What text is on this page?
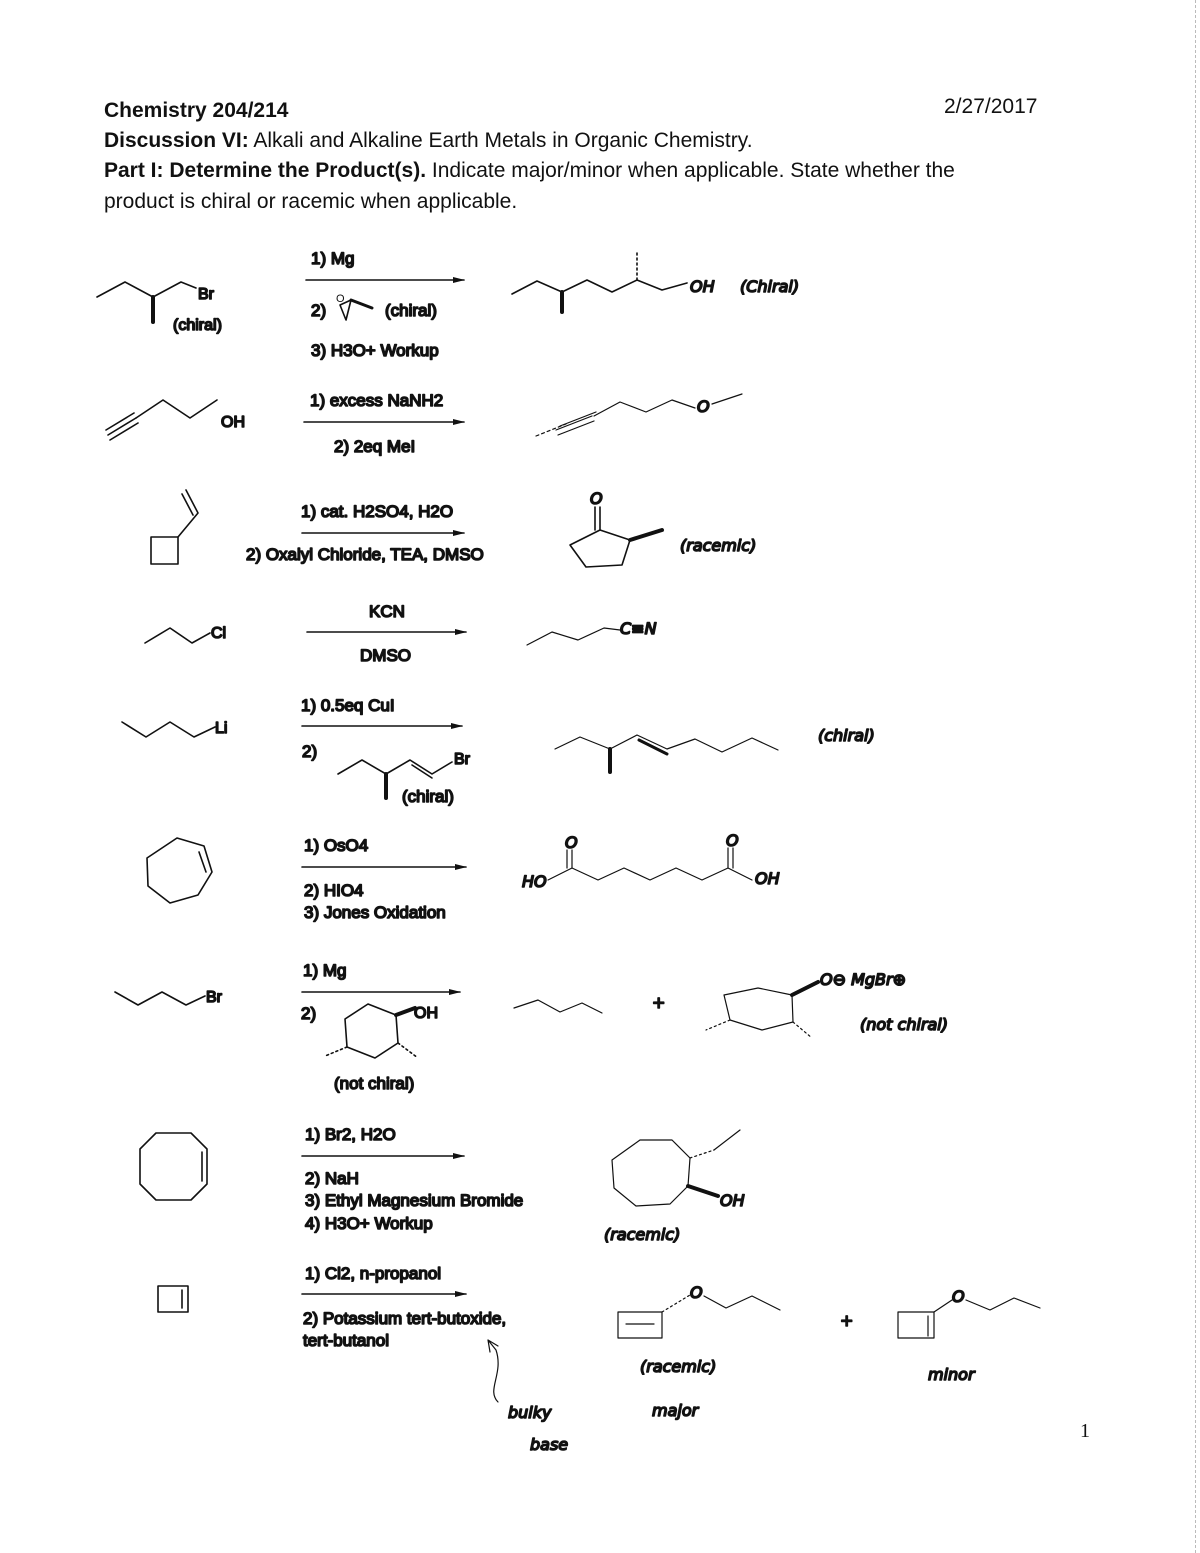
Chemistry 204/214	2/27/2017
Discussion VI: Alkali and Alkaline Earth Metals in Organic Chemistry.
Part I: Determine the Product(s). Indicate major/minor when applicable. State whether the
product is chiral or racemic when applicable.
Br
(chiral)
1) Mg
2)
O
(chiral)
3) H3O+ Workup
OH (Chiral)
OH
1) excess NaNH2
2) 2eq MeI
O
1) cat. H2SO4, H2O
2) Oxalyl Chloride, TEA, DMSO
O
(racemic)
Cl
KCN
DMSO
C≡N
Li
1) 0.5eq CuI
2)	Br
(chiral)
(chiral)
1) OsO4
2) HIO4
3) Jones Oxidation
O	O
HO	OH
Br
1) Mg
2)	OH
(not chiral)
+
O⊖ MgBr⊕
(not chiral)
1) Br2, H2O
2) NaH
3) Ethyl Magnesium Bromide
4) H3O+ Workup
OH
(racemic)
1) Cl2, n-propanol
2) Potassium tert-butoxide,
tert-butanol
O
+
O
(racemic)
major
minor
bulky
base
1
